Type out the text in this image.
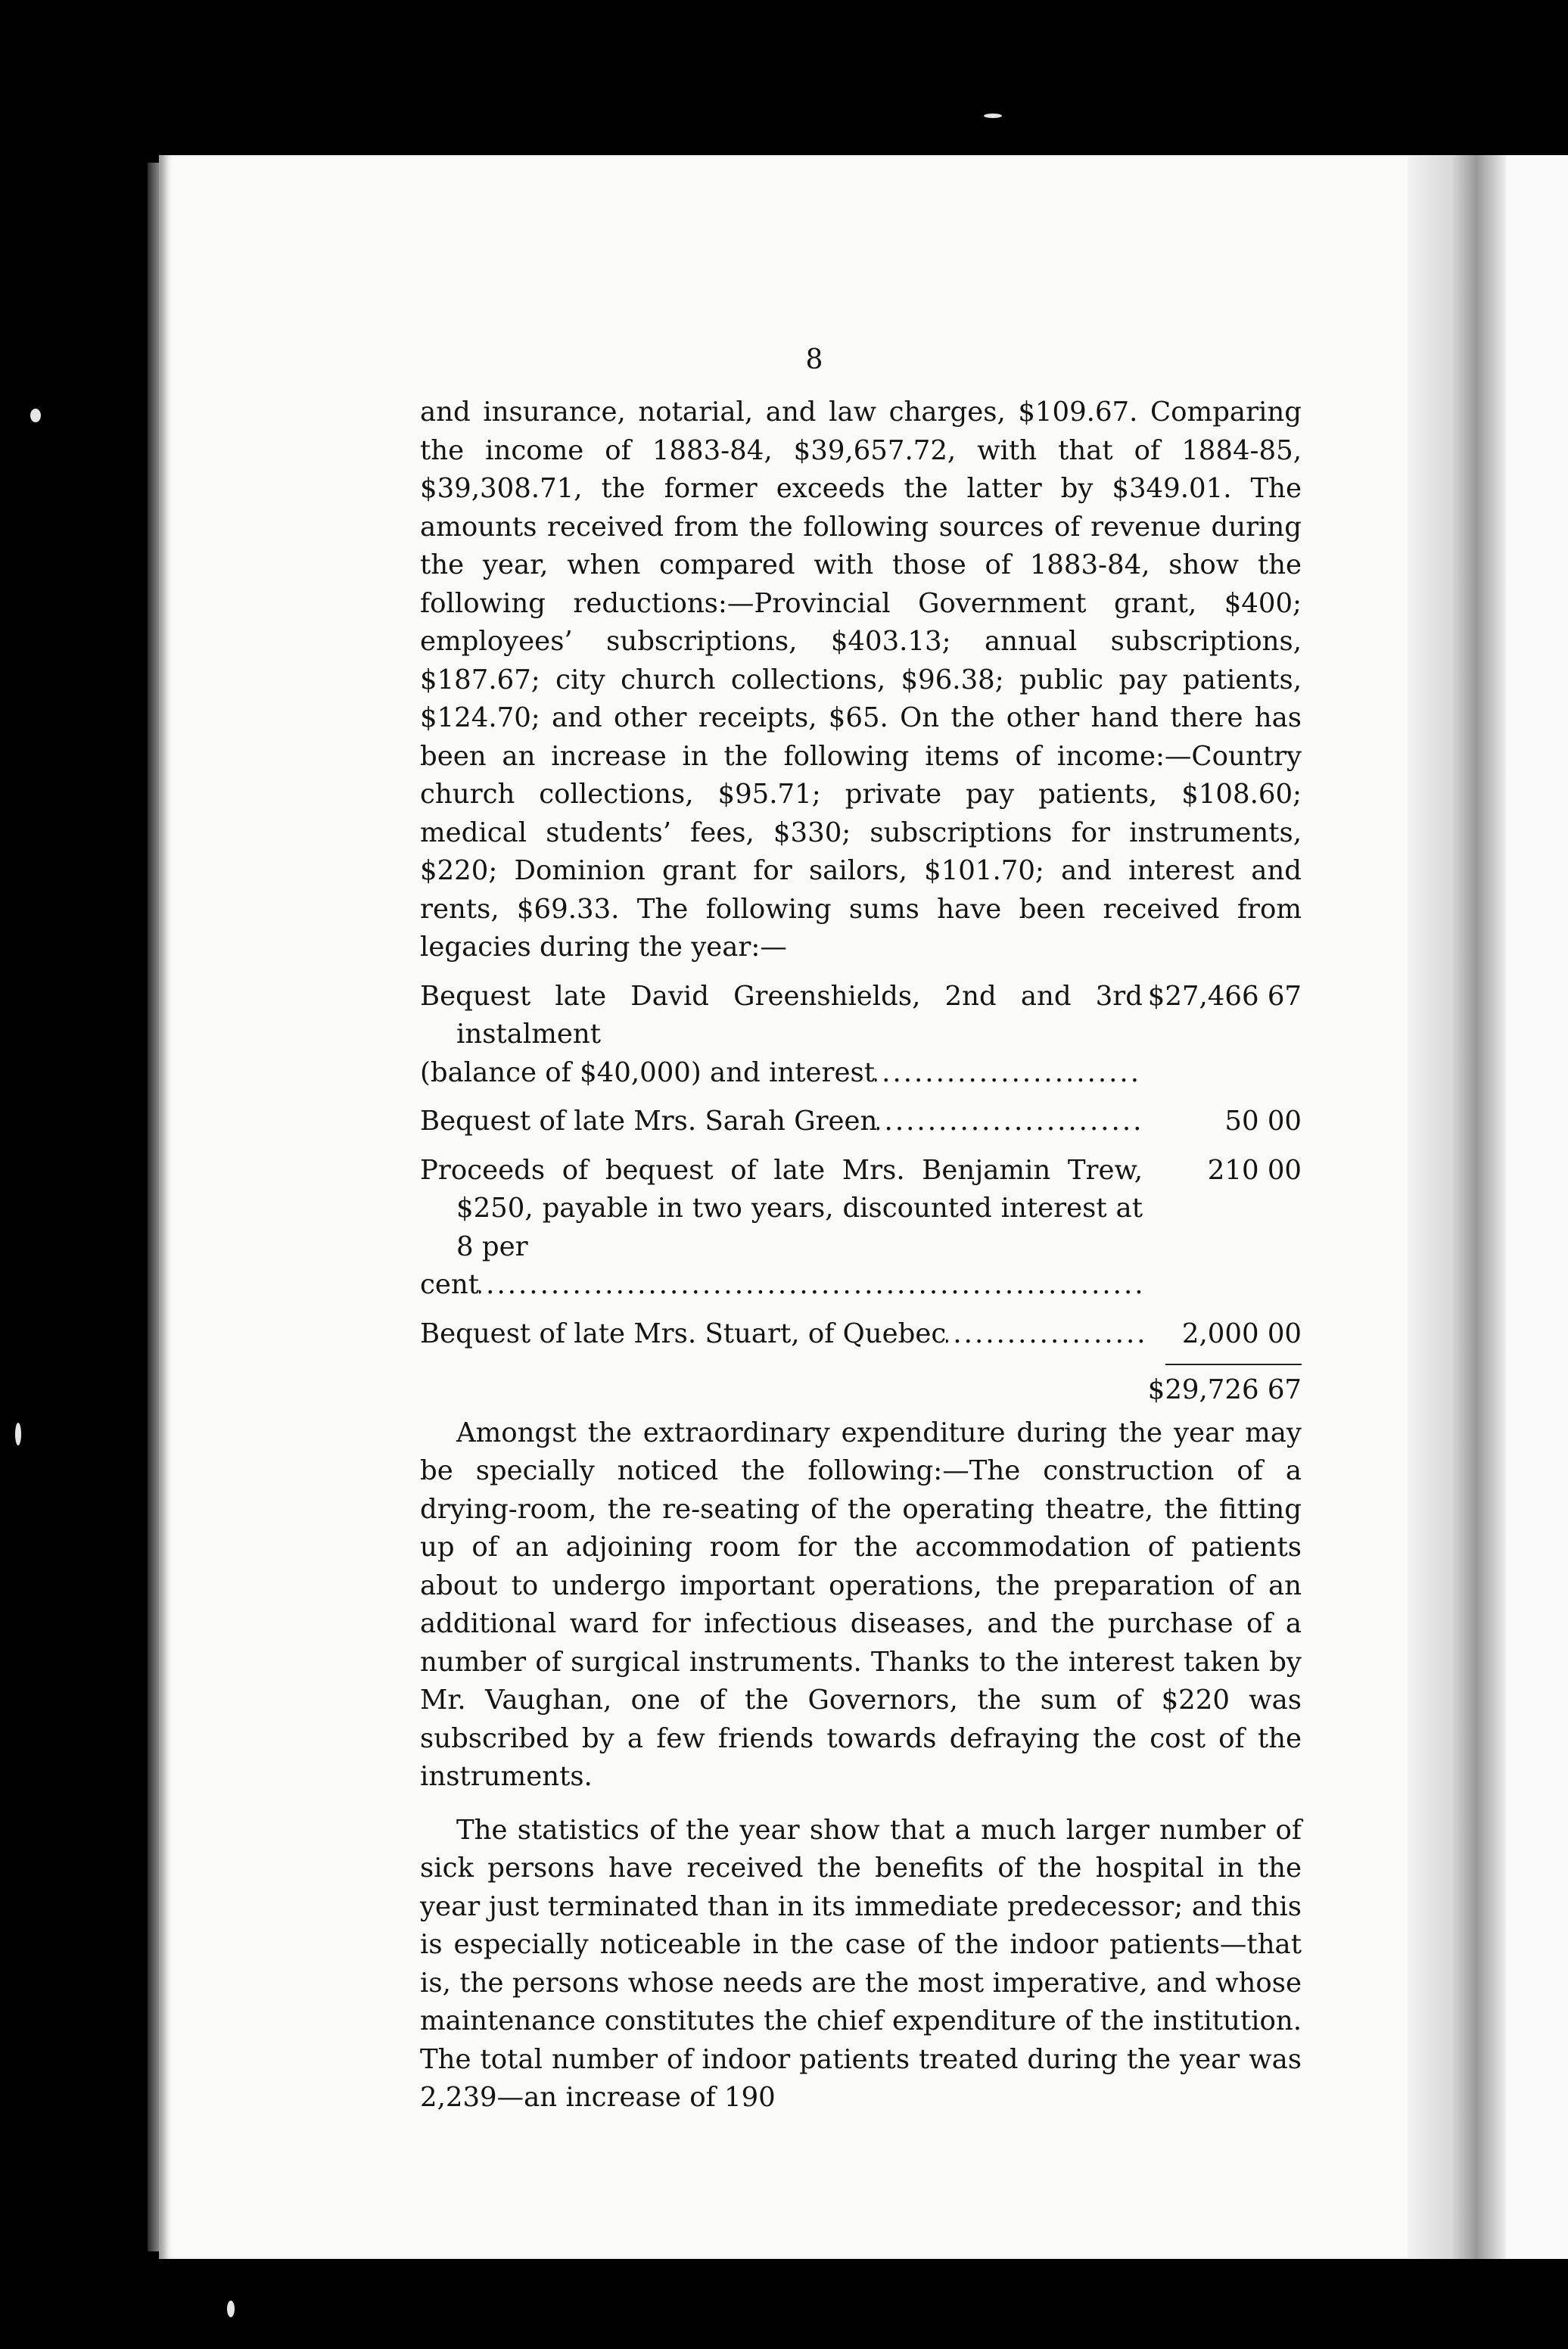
8

and insurance, notarial, and law charges, $109.67. Comparing the income of 1883-84, $39,657.72, with that of 1884-85, $39,308.71, the former exceeds the latter by $349.01. The amounts received from the following sources of revenue during the year, when compared with those of 1883-84, show the following reductions:—Provincial Government grant, $400; employees’ subscriptions, $403.13; annual subscriptions, $187.67; city church collections, $96.38; public pay patients, $124.70; and other receipts, $65. On the other hand there has been an increase in the following items of income:—Country church collections, $95.71; private pay patients, $108.60; medical students’ fees, $330; subscriptions for instruments, $220; Dominion grant for sailors, $101.70; and interest and rents, $69.33. The following sums have been received from legacies during the year:—

Bequest late David Greenshields, 2nd and 3rd instalment
(balance of $40,000) and interest
.....
$27,466 67
Bequest of late Mrs. Sarah Green .....	50 00
Proceeds of bequest of late Mrs. Benjamin Trew, $250, payable in two years, discounted interest at 8 per
cent
.....
210 00
Bequest of late Mrs. Stuart, of Quebec .....	2,000 00
$29,726 67

Amongst the extraordinary expenditure during the year may be specially noticed the following:—The construction of a drying-room, the re-seating of the operating theatre, the fitting up of an adjoining room for the accommodation of patients about to undergo important operations, the preparation of an additional ward for infectious diseases, and the purchase of a number of surgical instruments. Thanks to the interest taken by Mr. Vaughan, one of the Governors, the sum of $220 was subscribed by a few friends towards defraying the cost of the instruments.

The statistics of the year show that a much larger number of sick persons have received the benefits of the hospital in the year just terminated than in its immediate predecessor; and this is especially noticeable in the case of the indoor patients—that is, the persons whose needs are the most imperative, and whose maintenance constitutes the chief expenditure of the institution. The total number of indoor patients treated during the year was 2,239—an increase of 190
